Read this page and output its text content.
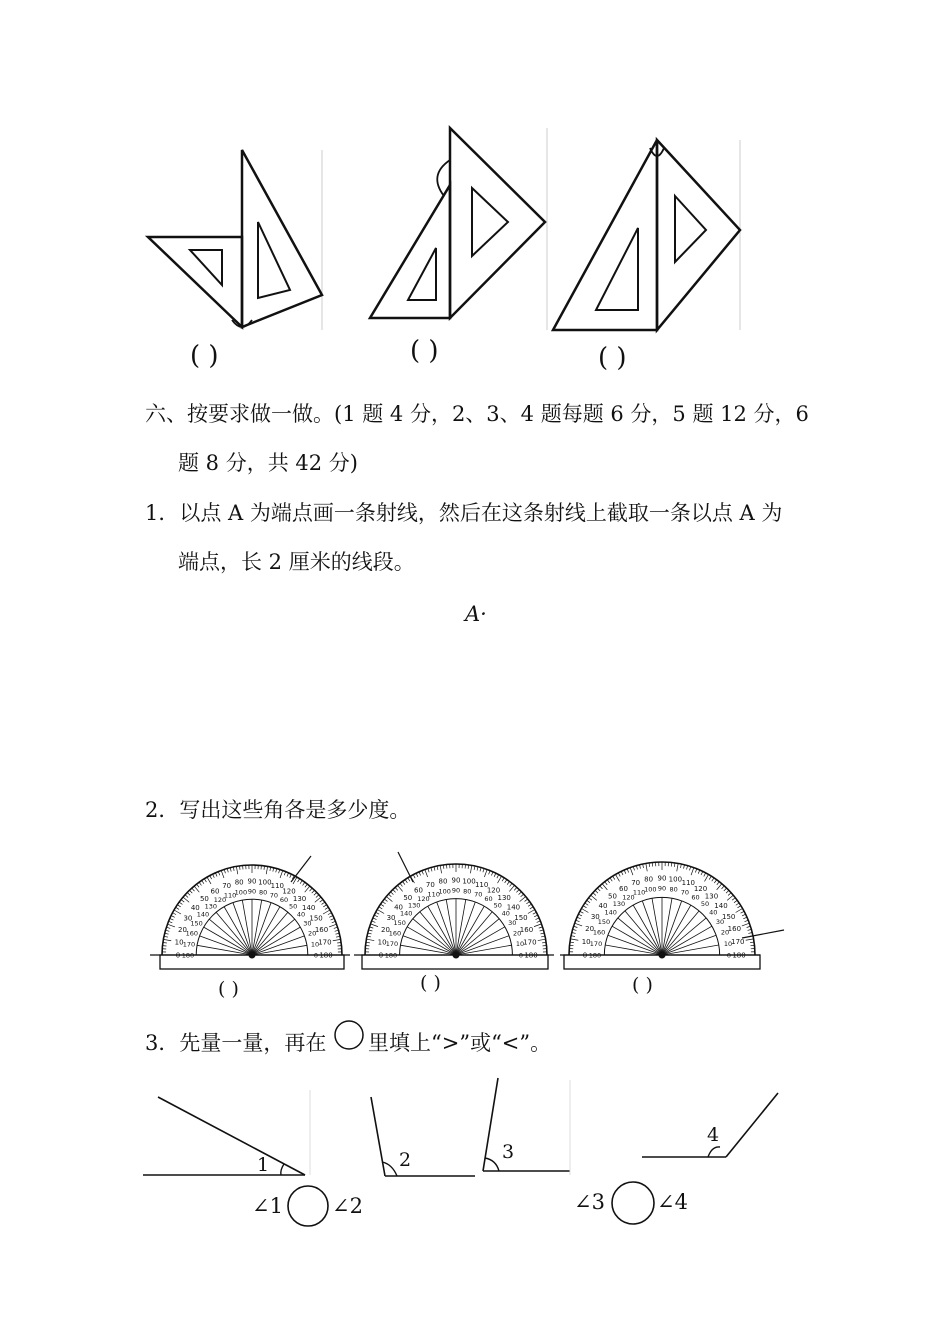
( )	( )	( )
六、按要求做一做。(1 题 4 分，2、3、4 题每题 6 分，5 题 12 分，6
题 8 分，共 42 分)
1．以点 A 为端点画一条射线，然后在这条射线上截取一条以点 A 为
端点，长 2 厘米的线段。
A·
2．写出这些角各是多少度。
180
0
170
10
160
20
150
30
140
40
130
50
120
60
110
70
100
80
90
90
80
100
70
110
60
120
50
130
40
140
30
150
20
160
10 170
0 180	180
0
170
10
160
20
150
30
140
40
130
50
120
60
110
70
100
80
90
90
80
100
70
110
60
120
50
130
40
140
30
150
20
160
10 170
0 180	180
0
170
10
160
20
150
30
140
40
130
50
120
60
110
70
100
80
90
90
80
100
70
110
60
120
50
130
40
140
30
150
20
160
10 170
0 180
( )	( )	( )
3．先量一量，再在 里填上“>”或“<”。
1	2	3
4
∠1 ∠2	∠3 ∠4
